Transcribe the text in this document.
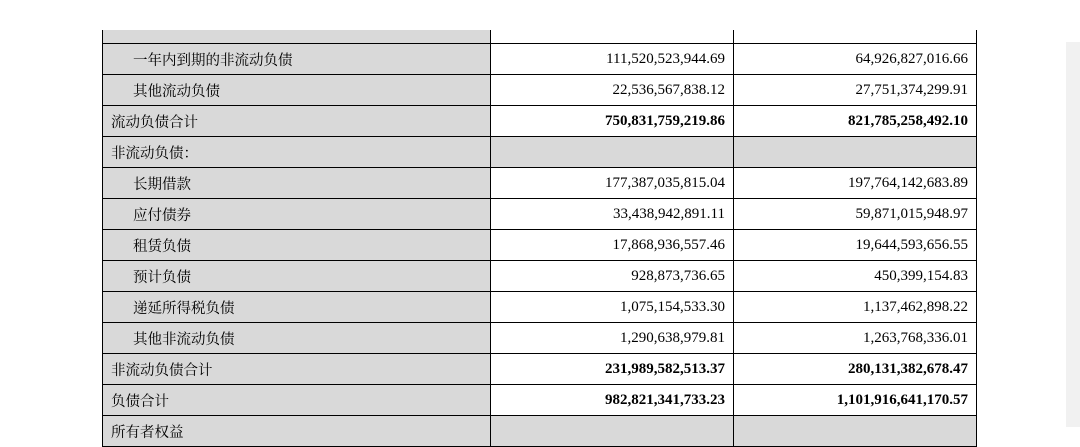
一年内到期的非流动负债	111,520,523,944.69	64,926,827,016.66
其他流动负债	22,536,567,838.12	27,751,374,299.91
流动负债合计	750,831,759,219.86	821,785,258,492.10
非流动负债：		
长期借款	177,387,035,815.04	197,764,142,683.89
应付债券	33,438,942,891.11	59,871,015,948.97
租赁负债	17,868,936,557.46	19,644,593,656.55
预计负债	928,873,736.65	450,399,154.83
递延所得税负债	1,075,154,533.30	1,137,462,898.22
其他非流动负债	1,290,638,979.81	1,263,768,336.01
非流动负债合计	231,989,582,513.37	280,131,382,678.47
负债合计	982,821,341,733.23	1,101,916,641,170.57
所有者权益		
